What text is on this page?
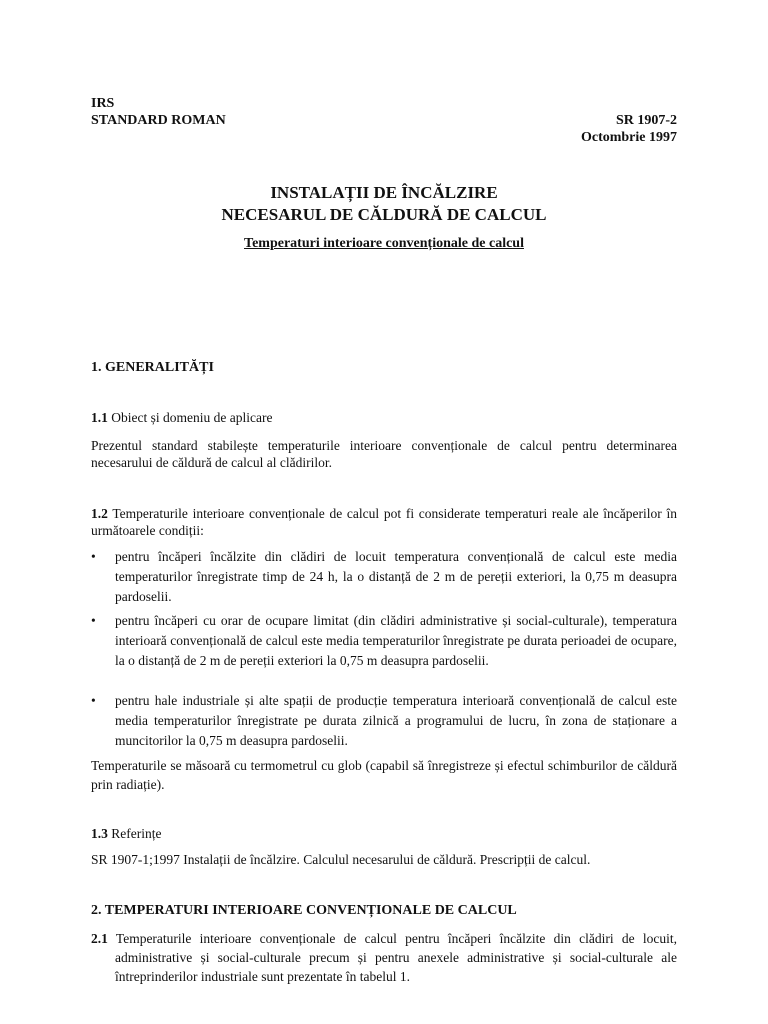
IRS
STANDARD ROMAN	SR 1907-2
Octombrie 1997
INSTALAȚII DE ÎNCĂLZIRE
NECESARUL DE CĂLDURĂ DE CALCUL
Temperaturi interioare convenționale de calcul
1. GENERALITĂȚI
1.1 Obiect și domeniu de aplicare
Prezentul standard stabilește temperaturile interioare convenționale de calcul pentru determinarea necesarului de căldură de calcul al clădirilor.
1.2 Temperaturile interioare convenționale de calcul pot fi considerate temperaturi reale ale încăperilor în următoarele condiții:
•	pentru încăperi încălzite din clădiri de locuit temperatura convențională de calcul este media temperaturilor înregistrate timp de 24 h, la o distanță de 2 m de pereții exteriori, la 0,75 m deasupra pardoselii.
•	pentru încăperi cu orar de ocupare limitat (din clădiri administrative și social-culturale), temperatura interioară convențională de calcul este media temperaturilor înregistrate pe durata perioadei de ocupare, la o distanță de 2 m de pereții exteriori la 0,75 m deasupra pardoselii.
•	pentru hale industriale și alte spații de producție temperatura interioară convențională de calcul este media temperaturilor înregistrate pe durata zilnică a programului de lucru, în zona de staționare a muncitorilor la 0,75 m deasupra pardoselii.
Temperaturile se măsoară cu termometrul cu glob (capabil să înregistreze și efectul schimburilor de căldură prin radiație).
1.3 Referințe
SR 1907-1;1997 Instalații de încălzire. Calculul necesarului de căldură. Prescripții de calcul.
2. TEMPERATURI INTERIOARE CONVENȚIONALE DE CALCUL
2.1 Temperaturile interioare convenționale de calcul pentru încăperi încălzite din clădiri de locuit, administrative și social-culturale precum și pentru anexele administrative și social-culturale ale întreprinderilor industriale sunt prezentate în tabelul 1.
